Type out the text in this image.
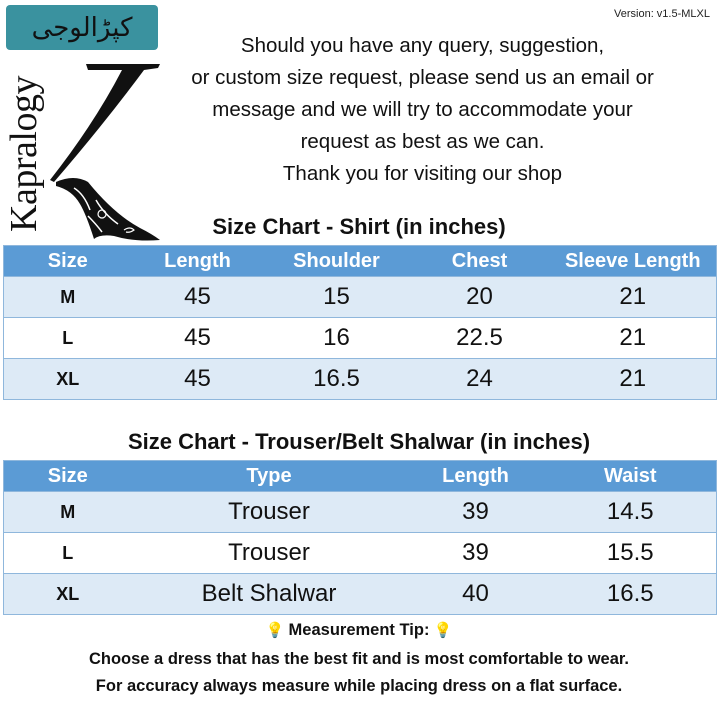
Version: v1.5-MLXL
کپڑالوجی
Kapralogy
Should you have any query, suggestion,
or custom size request, please send us an email or
message and we will try to accommodate your
request as best as we can.
Thank you for visiting our shop
Size Chart - Shirt (in inches)
Size	Length	Shoulder	Chest	Sleeve Length
M	45	15	20	21
L	45	16	22.5	21
XL	45	16.5	24	21
Size Chart - Trouser/Belt Shalwar (in inches)
Size	Type	Length	Waist
M	Trouser	39	14.5
L	Trouser	39	15.5
XL	Belt Shalwar	40	16.5
💡 Measurement Tip: 💡
Choose a dress that has the best fit and is most comfortable to wear.
For accuracy always measure while placing dress on a flat surface.
